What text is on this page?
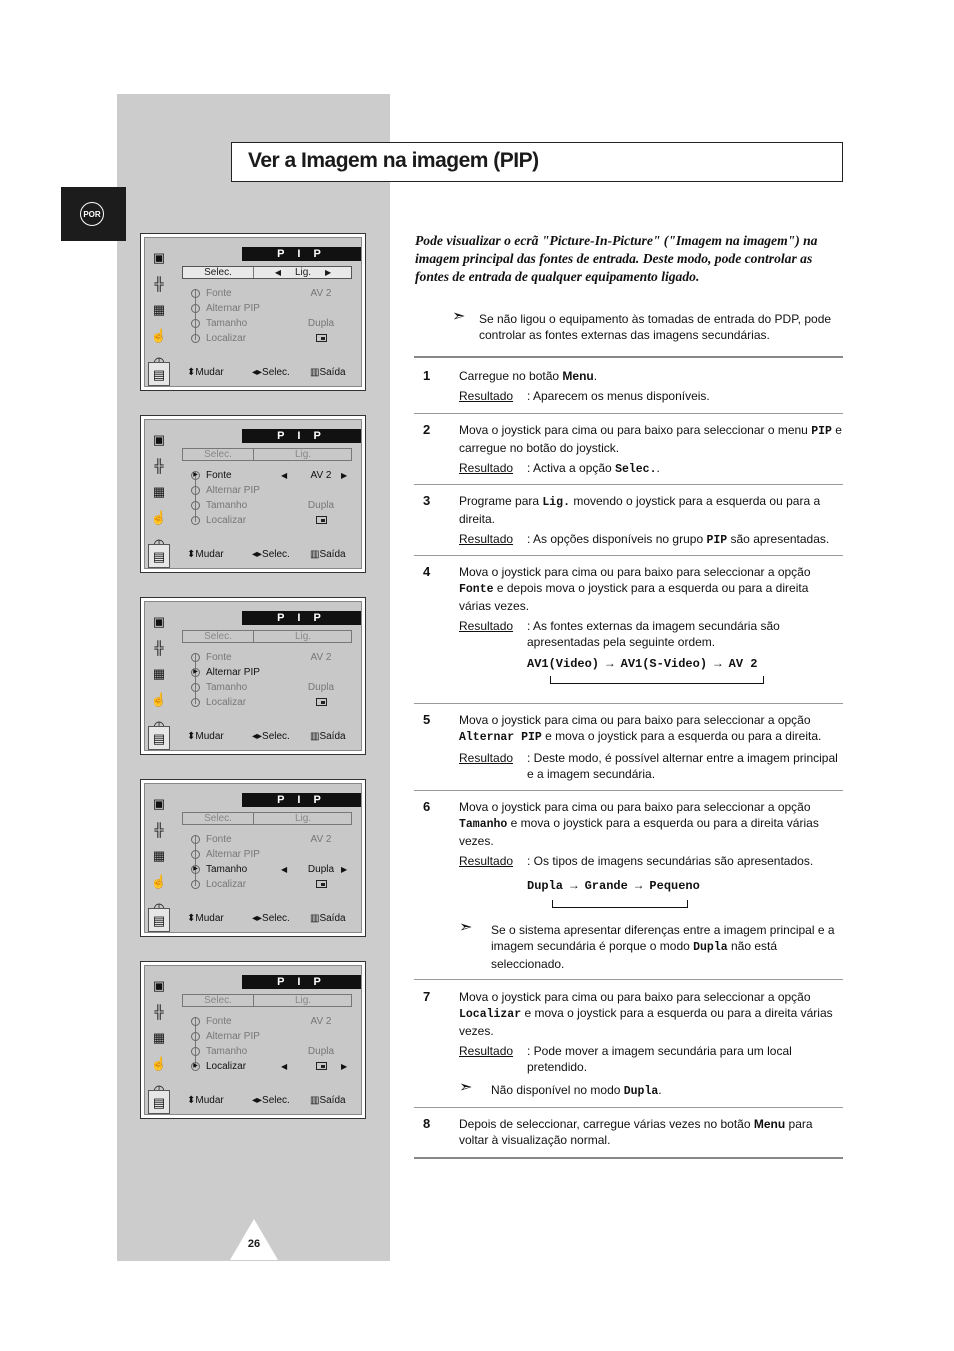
POR
Ver a Imagem na imagem (PIP)
▣
╬
▦
☝
▤
P I P
Selec.	◀ Lig. ▶
Fonte	AV 2
Alternar PIP
Tamanho	Dupla
Localizar
⬍ Mudar	◂▸ Selec. ▥ Saída
▣
╬
▦
☝
▤
P I P
Selec.	Lig.
▶ Fonte	◀	AV 2	▶
Alternar PIP
Tamanho	Dupla
Localizar
⬍ Mudar	◂▸ Selec. ▥ Saída
▣
╬
▦
☝
▤
P I P
Selec.	Lig.
Fonte	AV 2
▶ Alternar PIP
Tamanho	Dupla
Localizar
⬍ Mudar	◂▸ Selec. ▥ Saída
▣
╬
▦
☝
▤
P I P
Selec.	Lig.
Fonte	AV 2
Alternar PIP
▶ Tamanho	◀	Dupla ▶
Localizar
⬍ Mudar	◂▸ Selec. ▥ Saída
▣
╬
▦
☝
▤
P I P
Selec.	Lig.
Fonte	AV 2
Alternar PIP
Tamanho	Dupla
▶ Localizar	◀	▶
⬍ Mudar	◂▸ Selec. ▥ Saída
Pode visualizar o ecrã "Picture-In-Picture" ("Imagem na imagem") na imagem principal das fontes de entrada. Deste modo, pode controlar as fontes de entrada de qualquer equipamento ligado.
➣ Se não ligou o equipamento às tomadas de entrada do PDP, pode controlar as fontes externas das imagens secundárias.
1 Carregue no botão Menu.
Resultado : Aparecem os menus disponíveis.
2 Mova o joystick para cima ou para baixo para seleccionar o menu PIP e carregue no botão do joystick.
Resultado : Activa a opção Selec..
3 Programe para Lig. movendo o joystick para a esquerda ou para a direita.
Resultado : As opções disponíveis no grupo PIP são apresentadas.
4 Mova o joystick para cima ou para baixo para seleccionar a opção Fonte e depois mova o joystick para a esquerda ou para a direita várias vezes.
Resultado : As fontes externas da imagem secundária são apresentadas pela seguinte ordem.
AV1(Video) → AV1(S-Video) → AV 2
5 Mova o joystick para cima ou para baixo para seleccionar a opção Alternar PIP e mova o joystick para a esquerda ou para a direita.
Resultado : Deste modo, é possível alternar entre a imagem principal e a imagem secundária.
6 Mova o joystick para cima ou para baixo para seleccionar a opção Tamanho e mova o joystick para a esquerda ou para a direita várias vezes.
Resultado : Os tipos de imagens secundárias são apresentados.
Dupla → Grande → Pequeno
➣ Se o sistema apresentar diferenças entre a imagem principal e a imagem secundária é porque o modo Dupla não está seleccionado.
7 Mova o joystick para cima ou para baixo para seleccionar a opção Localizar e mova o joystick para a esquerda ou para a direita várias vezes.
Resultado : Pode mover a imagem secundária para um local pretendido.
➣ Não disponível no modo Dupla.
8 Depois de seleccionar, carregue várias vezes no botão Menu para voltar à visualização normal.
26
